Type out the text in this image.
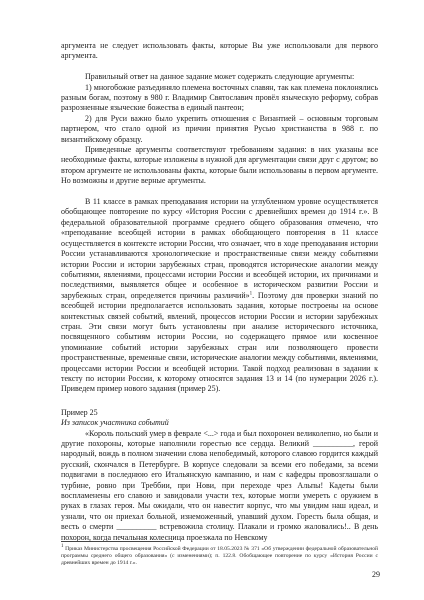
аргумента не следует использовать факты, которые Вы уже использовали для первого аргумента.

Правильный ответ на данное задание может содержать следующие аргументы:

1) многобожие разъединяло племена восточных славян, так как племена поклонялись разным богам, поэтому в 980 г. Владимир Святославич провёл языческую реформу, собрав разрозненные языческие божества в единый пантеон;

2) для Руси важно было укрепить отношения с Византией – основным торговым партнером, что стало одной из причин принятия Русью христианства в 988 г. по византийскому образцу.

Приведенные аргументы соответствуют требованиям задания: в них указаны все необходимые факты, которые изложены в нужной для аргументации связи друг с другом; во втором аргументе не использованы факты, которые были использованы в первом аргументе. Но возможны и другие верные аргументы.

В 11 классе в рамках преподавания истории на углубленном уровне осуществляется обобщающее повторение по курсу «История России с древнейших времен до 1914 г.». В федеральной образовательной программе среднего общего образования отмечено, что «преподавание всеобщей истории в рамках обобщающего повторения в 11 классе осуществляется в контексте истории России, что означает, что в ходе преподавания истории России устанавливаются хронологические и пространственные связи между событиями истории России и истории зарубежных стран, проводятся исторические аналогии между событиями, явлениями, процессами истории России и всеобщей истории, их причинами и последствиями, выявляется общее и особенное в историческом развитии России и зарубежных стран, определяется причины различий»$^1$. Поэтому для проверки знаний по всеобщей истории предполагается использовать задания, которые построены на основе контекстных связей событий, явлений, процессов истории России и истории зарубежных стран. Эти связи могут быть установлены при анализе исторического источника, посвященного событиям истории России, но содержащего прямое или косвенное упоминание событий истории зарубежных стран или позволяющего провести пространственные, временные связи, исторические аналогии между событиями, явлениями, процессами истории России и всеобщей истории. Такой подход реализован в задании к тексту по истории России, к которому относятся задания 13 и 14 (по нумерации 2026 г.). Приведем пример нового задания (пример 25).

Пример 25

Из записок участника событий

«Король польский умер в феврале <...> года и был похоронен великолепно, но были и другие похороны, которые наполнили горестью все сердца. Великий __________, герой народный, вождь в полном значении слова непобедимый, которого славою гордится каждый русский, скончался в Петербурге. В корпусе следовали за всеми его победами, за всеми подвигами в последнюю его Итальянскую кампанию, и нам с кафедры провозглашали о турбине, ровно при Треббии, при Нови, при переходе чрез Альпы! Кадеты были воспламенены его славою и завидовали участи тех, которые могли умереть с оружием в руках в глазах героя. Мы ожидали, что он навестит корпус, что мы увидим наш идеал, и узнали, что он приехал больной, изнеможенный, упавший духом. Горесть была общая, и весть о смерти __________ встревожила столицу. Плакали и громко жаловались!.. В день похорон, когда печальная колесница проезжала по Невскому

$^1$ Приказ Министерства просвещения Российской Федерации от 18.05.2023 № 371 «Об утверждении федеральной образовательной программы среднего общего образования» (с изменениями); п. 122.8. Обобщающее повторение по курсу «История России с древнейших времен до 1914 г.».
29
